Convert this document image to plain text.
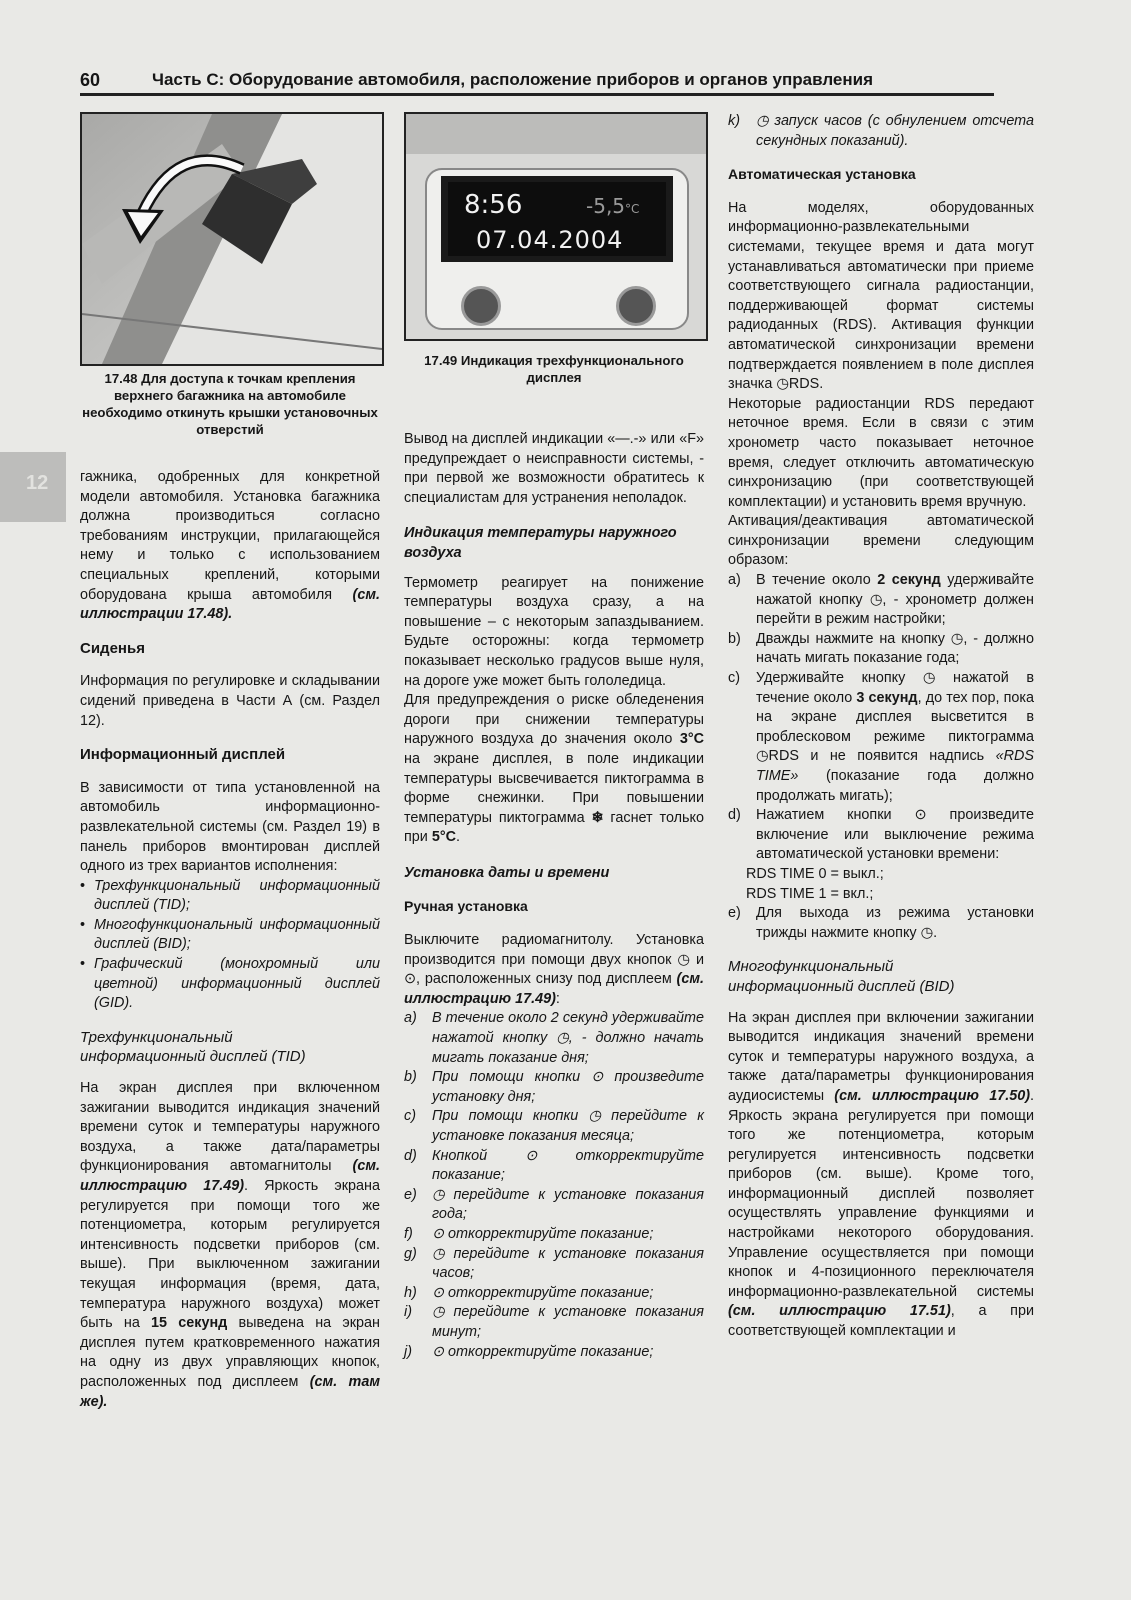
60	Часть С: Оборудование автомобиля, расположение приборов и органов управления
12
17.48 Для доступа к точкам крепления верхнего багажника на автомобиле необходимо откинуть крышки установочных отверстий
8:56	-5,5°C
07.04.2004
17.49 Индикация трехфункционального дисплея

гажника, одобренных для конкретной модели автомобиля. Установка багажника должна производиться согласно требованиям инструкции, прилагающейся нему и только с использованием специальных креплений, которыми оборудована крыша автомобиля (см. иллюстрации 17.48).

Сиденья

Информация по регулировке и складывании сидений приведена в Части А (см. Раздел 12).

Информационный дисплей

В зависимости от типа установленной на автомобиль информационно-развлекательной системы (см. Раздел 19) в панель приборов вмонтирован дисплей одного из трех вариантов исполнения:

• Трехфункциональный информационный дисплей (TID);
• Многофункциональный информационный дисплей (BID);
• Графический (монохромный или цветной) информационный дисплей (GID).
Трехфункциональный
информационный дисплей (TID)

На экран дисплея при включенном зажигании выводится индикация значений времени суток и температуры наружного воздуха, а также дата/параметры функционирования автомагнитолы (см. иллюстрацию 17.49). Яркость экрана регулируется при помощи того же потенциометра, которым регулируется интенсивность подсветки приборов (см. выше). При выключенном зажигании текущая информация (время, дата, температура наружного воздуха) может быть на 15 секунд выведена на экран дисплея путем кратковременного нажатия на одну из двух управляющих кнопок, расположенных под дисплеем (см. там же).

Вывод на дисплей индикации «—.-» или «F» предупреждает о неисправности системы, - при первой же возможности обратитесь к специалистам для устранения неполадок.

Индикация температуры наружного воздуха

Термометр реагирует на понижение температуры воздуха сразу, а на повышение – с некоторым запаздыванием. Будьте осторожны: когда термометр показывает несколько градусов выше нуля, на дороге уже может быть гололедица.

Для предупреждения о риске обледенения дороги при снижении температуры наружного воздуха до значения около 3°С на экране дисплея, в поле индикации температуры высвечивается пиктограмма в форме снежинки. При повышении температуры пиктограмма ❄ гаснет только при 5°С.

Установка даты и времени
Ручная установка

Выключите радиомагнитолу. Установка производится при помощи двух кнопок ◷ и ⊙, расположенных снизу под дисплеем (см. иллюстрацию 17.49):

a) В течение около 2 секунд удерживайте нажатой кнопку ◷, - должно начать мигать показание дня;
b) При помощи кнопки ⊙ произведите установку дня;
c) При помощи кнопки ◷ перейдите к установке показания месяца;
d) Кнопкой ⊙ откорректируйте показание;
e) ◷ перейдите к установке показания года;
f) ⊙ откорректируйте показание;
g) ◷ перейдите к установке показания часов;
h) ⊙ откорректируйте показание;
i) ◷ перейдите к установке показания минут;
j) ⊙ откорректируйте показание;
k) ◷ запуск часов (с обнулением отсчета секундных показаний).
Автоматическая установка

На моделях, оборудованных информационно-развлекательными системами, текущее время и дата могут устанавливаться автоматически при приеме соответствующего сигнала радиостанции, поддерживающей формат системы радиоданных (RDS). Активация функции автоматической синхронизации времени подтверждается появлением в поле дисплея значка ◷RDS.

Некоторые радиостанции RDS передают неточное время. Если в связи с этим хронометр часто показывает неточное время, следует отключить автоматическую синхронизацию (при соответствующей комплектации) и установить время вручную.

Активация/деактивация автоматической синхронизации времени следующим образом:

a) В течение около 2 секунд удерживайте нажатой кнопку ◷, - хронометр должен перейти в режим настройки;
b) Дважды нажмите на кнопку ◷, - должно начать мигать показание года;
c) Удерживайте кнопку ◷ нажатой в течение около 3 секунд, до тех пор, пока на экране дисплея высветится в проблесковом режиме пиктограмма ◷RDS и не появится надпись «RDS TIME» (показание года должно продолжать мигать);
d) Нажатием кнопки ⊙ произведите включение или выключение режима автоматической установки времени:
RDS TIME 0 = выкл.;
RDS TIME 1 = вкл.;
e) Для выхода из режима установки трижды нажмите кнопку ◷.
Многофункциональный
информационный дисплей (BID)

На экран дисплея при включении зажигании выводится индикация значений времени суток и температуры наружного воздуха, а также дата/параметры функционирования аудиосистемы (см. иллюстрацию 17.50). Яркость экрана регулируется при помощи того же потенциометра, которым регулируется интенсивность подсветки приборов (см. выше). Кроме того, информационный дисплей позволяет осуществлять управление функциями и настройками некоторого оборудования. Управление осуществляется при помощи кнопок и 4-позиционного переключателя информационно-развлекательной системы (см. иллюстрацию 17.51), а при соответствующей комплектации и
